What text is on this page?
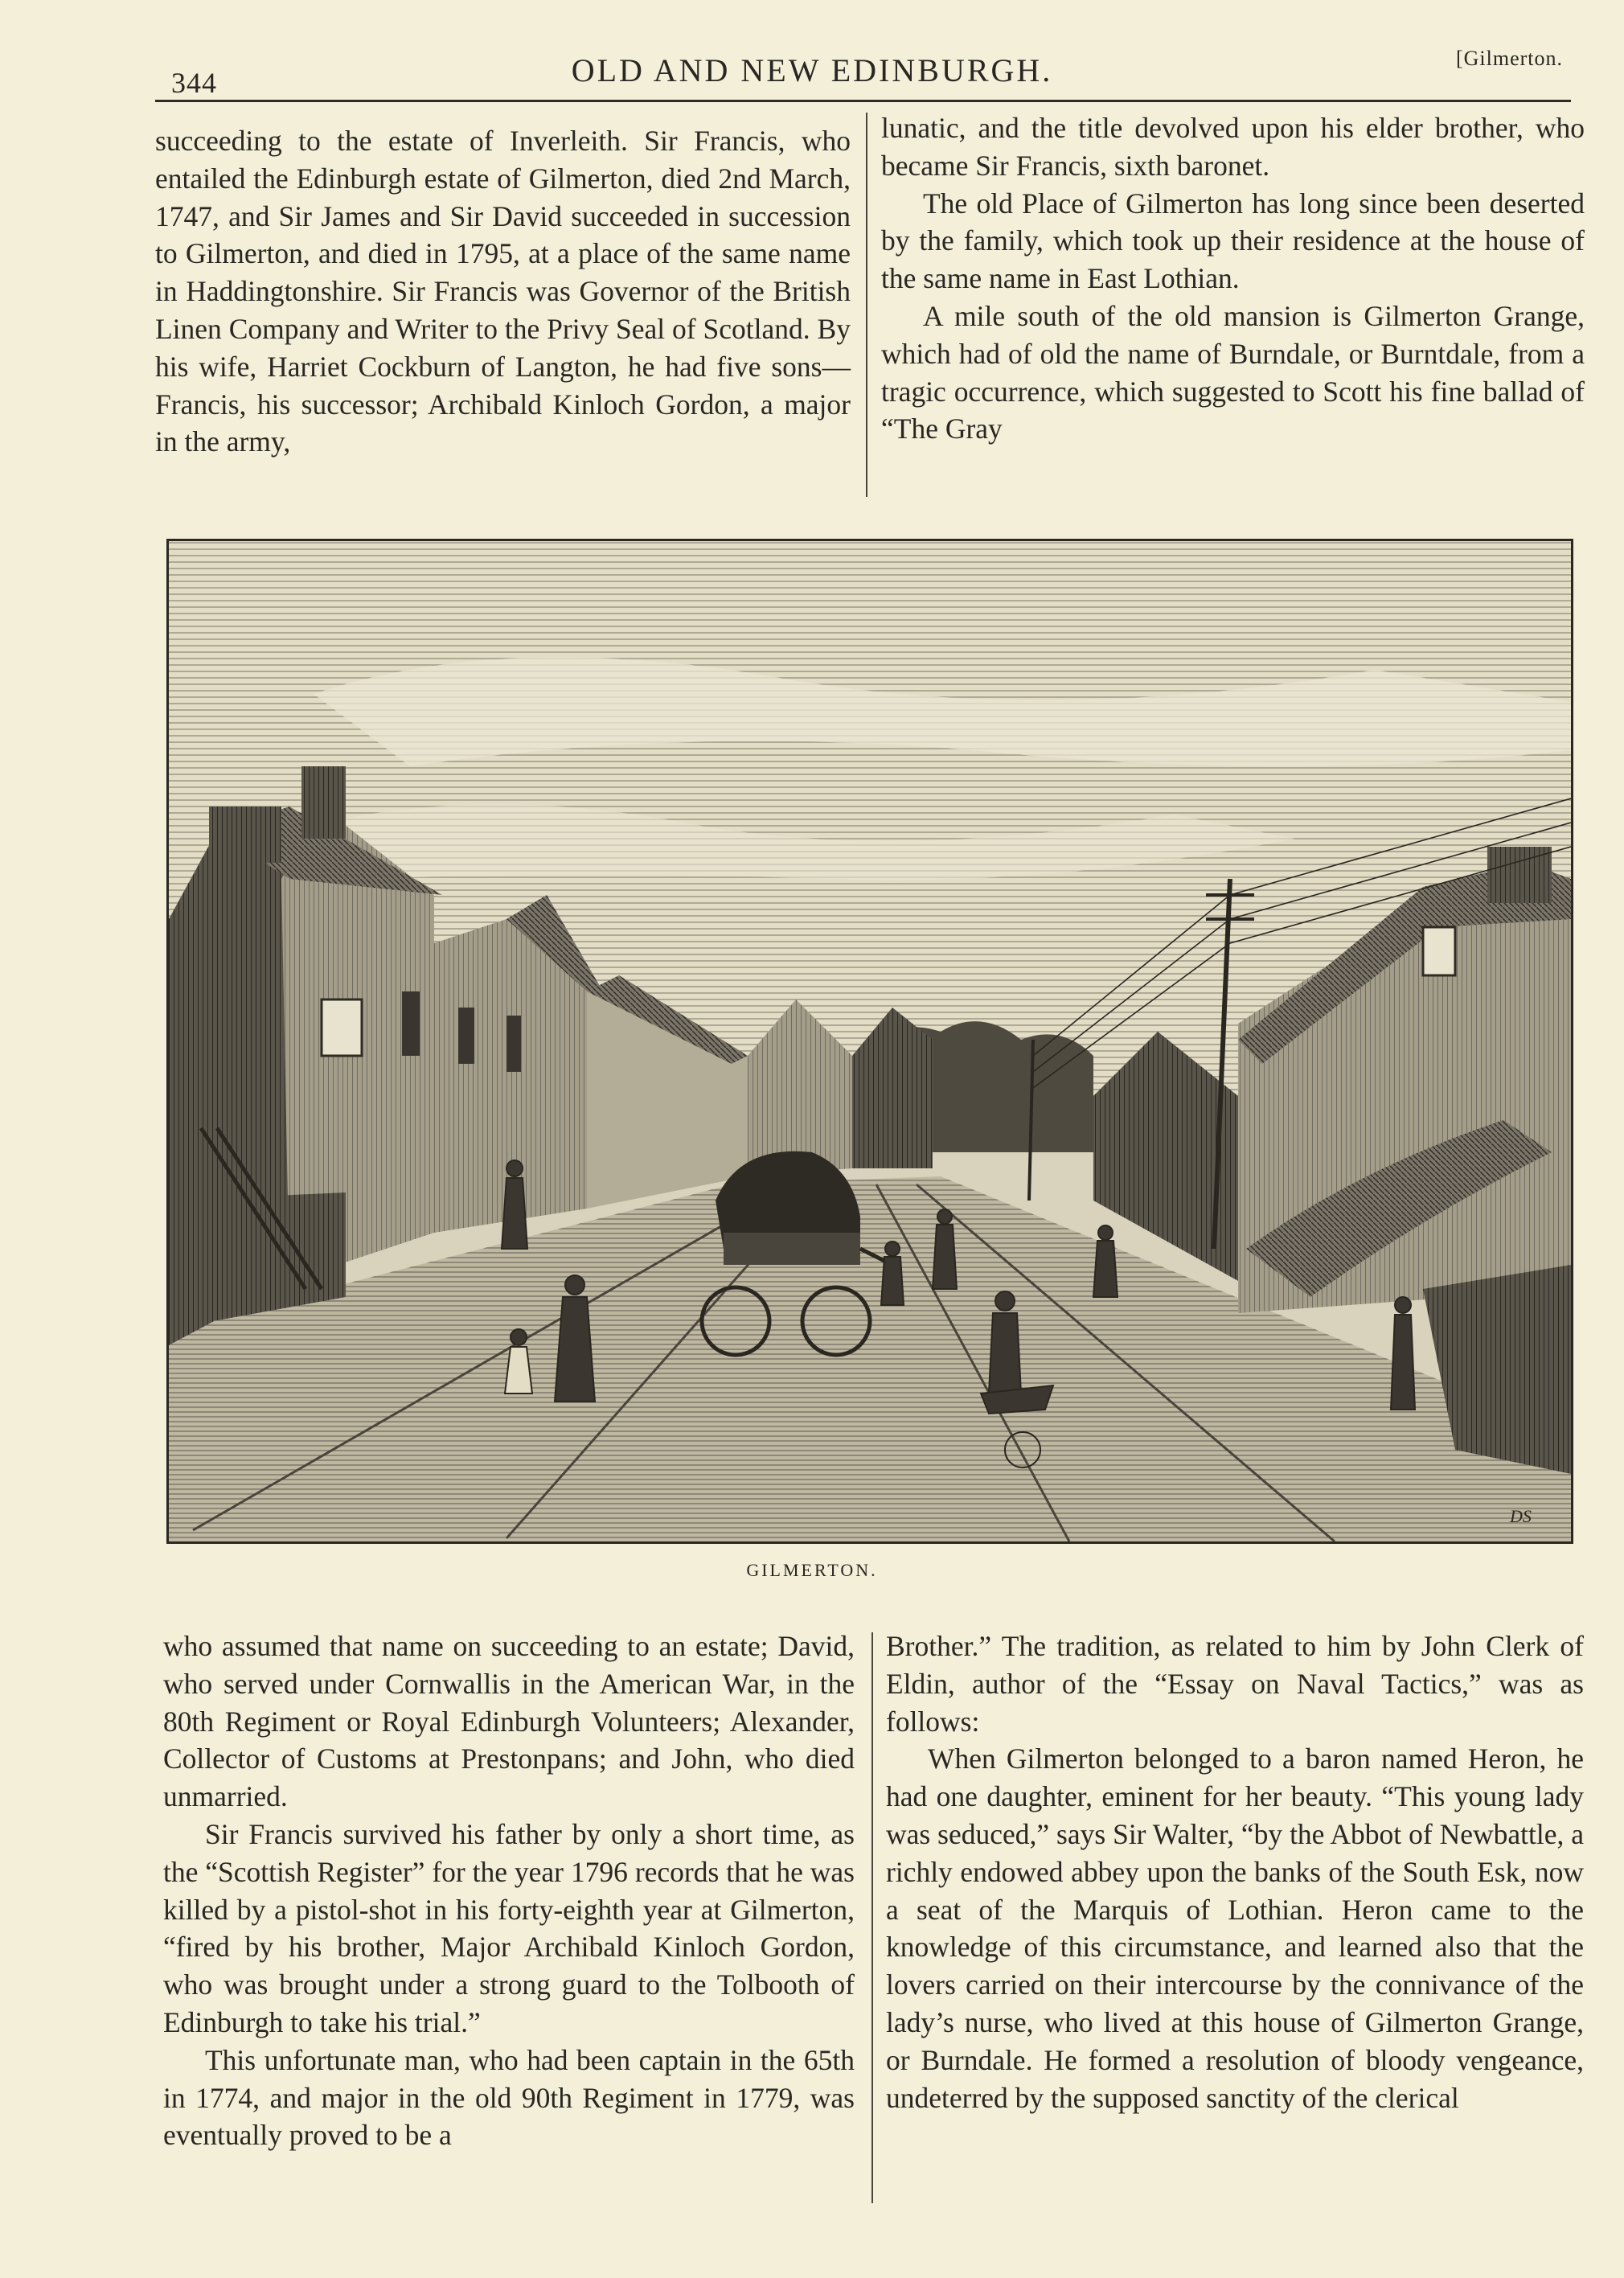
344	OLD AND NEW EDINBURGH.	[Gilmerton.

succeeding to the estate of Inverleith. Sir Francis, who entailed the Edinburgh estate of Gilmerton, died 2nd March, 1747, and Sir James and Sir David succeeded in succession to Gilmerton, and died in 1795, at a place of the same name in Haddingtonshire. Sir Francis was Governor of the British Linen Company and Writer to the Privy Seal of Scotland. By his wife, Harriet Cockburn of Langton, he had five sons—Francis, his successor; Archibald Kinloch Gordon, a major in the army,

lunatic, and the title devolved upon his elder brother, who became Sir Francis, sixth baronet.

The old Place of Gilmerton has long since been deserted by the family, which took up their residence at the house of the same name in East Lothian.

A mile south of the old mansion is Gilmerton Grange, which had of old the name of Burndale, or Burntdale, from a tragic occurrence, which suggested to Scott his fine ballad of “The Gray

DS
GILMERTON.

who assumed that name on succeeding to an estate; David, who served under Cornwallis in the American War, in the 80th Regiment or Royal Edinburgh Volunteers; Alexander, Collector of Customs at Prestonpans; and John, who died unmarried.

Sir Francis survived his father by only a short time, as the “Scottish Register” for the year 1796 records that he was killed by a pistol-shot in his forty-eighth year at Gilmerton, “fired by his brother, Major Archibald Kinloch Gordon, who was brought under a strong guard to the Tolbooth of Edinburgh to take his trial.”

This unfortunate man, who had been captain in the 65th in 1774, and major in the old 90th Regiment in 1779, was eventually proved to be a

Brother.” The tradition, as related to him by John Clerk of Eldin, author of the “Essay on Naval Tactics,” was as follows:

When Gilmerton belonged to a baron named Heron, he had one daughter, eminent for her beauty. “This young lady was seduced,” says Sir Walter, “by the Abbot of Newbattle, a richly endowed abbey upon the banks of the South Esk, now a seat of the Marquis of Lothian. Heron came to the knowledge of this circumstance, and learned also that the lovers carried on their intercourse by the connivance of the lady’s nurse, who lived at this house of Gilmerton Grange, or Burndale. He formed a resolution of bloody vengeance, undeterred by the supposed sanctity of the clerical
